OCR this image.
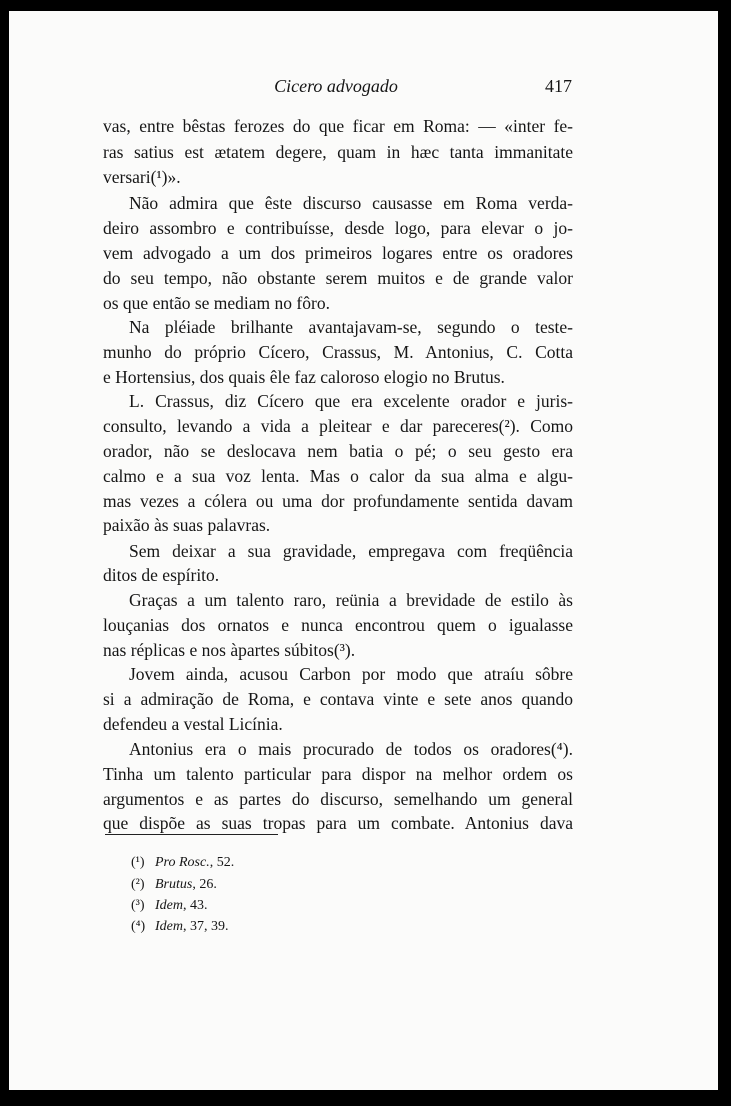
Cicero advogado	417
vas, entre bêstas ferozes do que ficar em Roma: — «inter fe-
ras satius est ætatem degere, quam in hæc tanta immanitate
versari(¹)».
Não admira que êste discurso causasse em Roma verda-
deiro assombro e contribuísse, desde logo, para elevar o jo-
vem advogado a um dos primeiros logares entre os oradores
do seu tempo, não obstante serem muitos e de grande valor
os que então se mediam no fôro.
Na pléiade brilhante avantajavam-se, segundo o teste-
munho do próprio Cícero, Crassus, M. Antonius, C. Cotta
e Hortensius, dos quais êle faz caloroso elogio no Brutus.
L. Crassus, diz Cícero que era excelente orador e juris-
consulto, levando a vida a pleitear e dar pareceres(²). Como
orador, não se deslocava nem batia o pé; o seu gesto era
calmo e a sua voz lenta. Mas o calor da sua alma e algu-
mas vezes a cólera ou uma dor profundamente sentida davam
paixão às suas palavras.
Sem deixar a sua gravidade, empregava com freqüência
ditos de espírito.
Graças a um talento raro, reünia a brevidade de estilo às
louçanias dos ornatos e nunca encontrou quem o igualasse
nas réplicas e nos àpartes súbitos(³).
Jovem ainda, acusou Carbon por modo que atraíu sôbre
si a admiração de Roma, e contava vinte e sete anos quando
defendeu a vestal Licínia.
Antonius era o mais procurado de todos os oradores(⁴).
Tinha um talento particular para dispor na melhor ordem os
argumentos e as partes do discurso, semelhando um general
que dispõe as suas tropas para um combate. Antonius dava
(¹) Pro Rosc., 52.
(²) Brutus, 26.
(³) Idem, 43.
(⁴) Idem, 37, 39.
